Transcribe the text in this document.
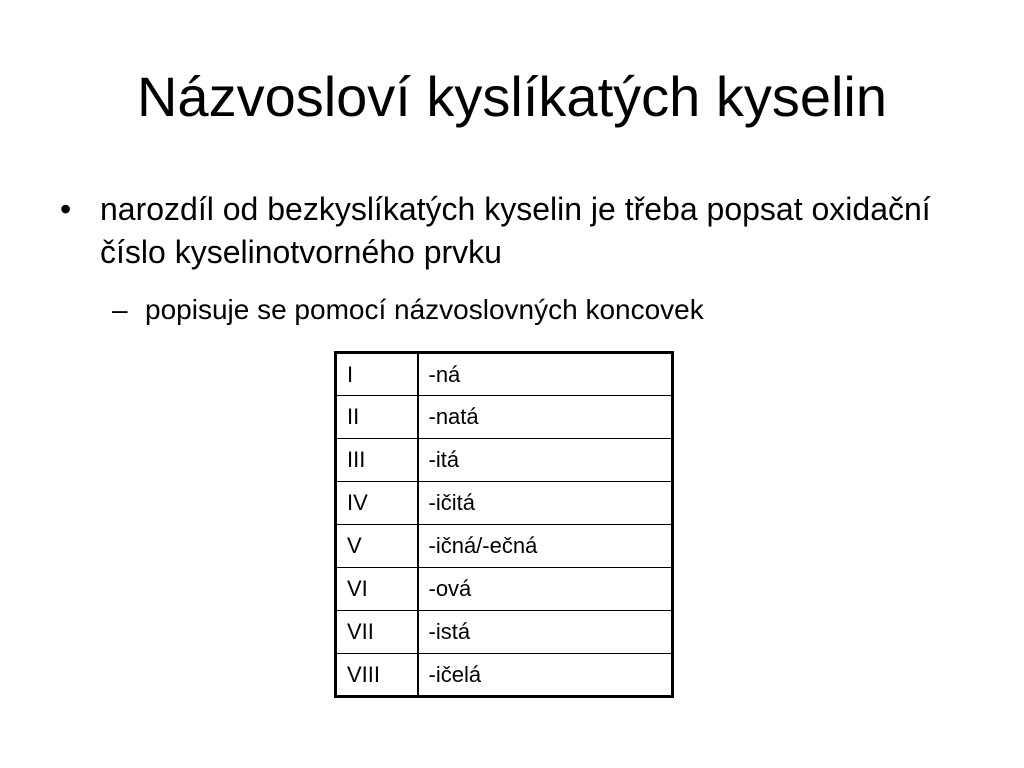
Názvosloví kyslíkatých kyselin
• narozdíl od bezkyslíkatých kyselin je třeba popsat oxidační číslo kyselinotvorného prvku
– popisuje se pomocí názvoslovných koncovek
I	-ná
II	-natá
III	-itá
IV	-ičitá
V	-ičná/-ečná
VI	-ová
VII	-istá
VIII	-ičelá
